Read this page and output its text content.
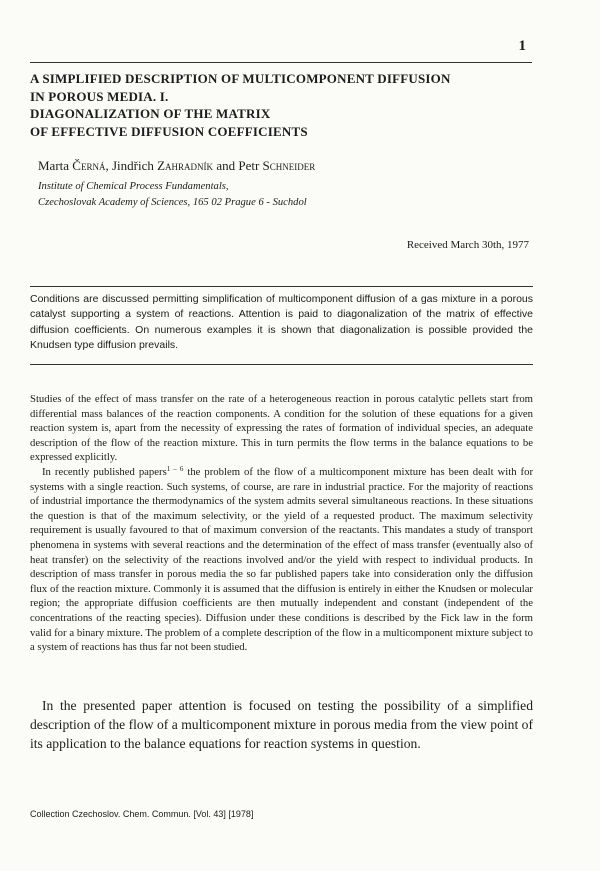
1
A SIMPLIFIED DESCRIPTION OF MULTICOMPONENT DIFFUSION
IN POROUS MEDIA. I.
DIAGONALIZATION OF THE MATRIX
OF EFFECTIVE DIFFUSION COEFFICIENTS
Marta Černá, Jindřich Zahradník and Petr Schneider
Institute of Chemical Process Fundamentals,
Czechoslovak Academy of Sciences, 165 02 Prague 6 - Suchdol
Received March 30th, 1977
Conditions are discussed permitting simplification of multicomponent diffusion of a gas mixture in a porous catalyst supporting a system of reactions. Attention is paid to diagonalization of the matrix of effective diffusion coefficients. On numerous examples it is shown that diagonalization is possible provided the Knudsen type diffusion prevails.

Studies of the effect of mass transfer on the rate of a heterogeneous reaction in porous catalytic pellets start from differential mass balances of the reaction components. A condition for the solution of these equations for a given reaction system is, apart from the necessity of expressing the rates of formation of individual species, an adequate description of the flow of the reaction mixture. This in turn permits the flow terms in the balance equations to be expressed explicitly.

In recently published papers$^{1 - 6}$ the problem of the flow of a multicomponent mixture has been dealt with for systems with a single reaction. Such systems, of course, are rare in industrial practice. For the majority of reactions of industrial importance the thermodynamics of the system admits several simultaneous reactions. In these situations the question is that of the maximum selectivity, or the yield of a requested product. The maximum selectivity requirement is usually favoured to that of maximum conversion of the reactants. This mandates a study of transport phenomena in systems with several reactions and the determination of the effect of mass transfer (eventually also of heat transfer) on the selectivity of the reactions involved and/or the yield with respect to individual products. In description of mass transfer in porous media the so far published papers take into consideration only the diffusion flux of the reaction mixture. Commonly it is assumed that the diffusion is entirely in either the Knudsen or molecular region; the appropriate diffusion coefficients are then mutually independent and constant (independent of the concentrations of the reacting species). Diffusion under these conditions is described by the Fick law in the form valid for a binary mixture. The problem of a complete description of the flow in a multicomponent mixture subject to a system of reactions has thus far not been studied.

In the presented paper attention is focused on testing the possibility of a simplified description of the flow of a multicomponent mixture in porous media from the view point of its application to the balance equations for reaction systems in question.

Collection Czechoslov. Chem. Commun. [Vol. 43] [1978]
